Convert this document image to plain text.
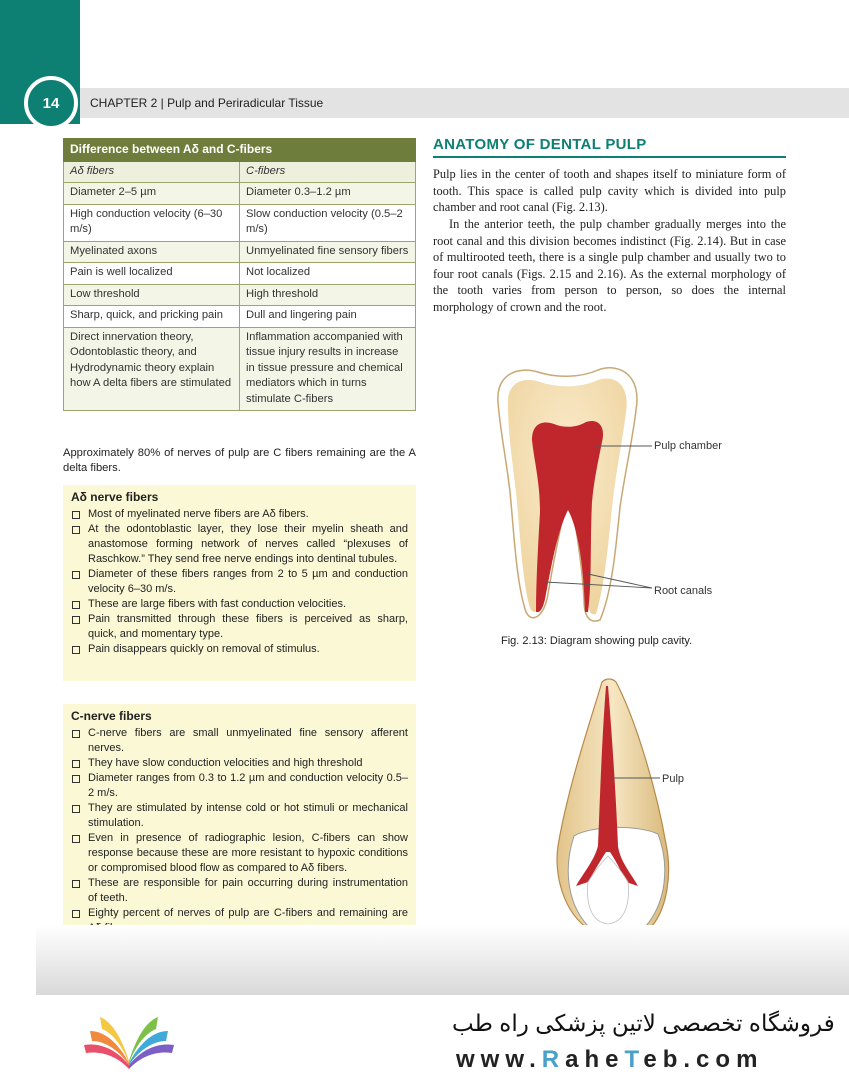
14	CHAPTER 2 | Pulp and Periradicular Tissue
Difference between Aδ and C-fibers	
Aδ fibers	C-fibers
Diameter 2–5 µm	Diameter 0.3–1.2 µm
High conduction velocity (6–30 m/s)	Slow conduction velocity (0.5–2 m/s)
Myelinated axons	Unmyelinated fine sensory fibers
Pain is well localized	Not localized
Low threshold	High threshold
Sharp, quick, and pricking pain	Dull and lingering pain
Direct innervation theory, Odontoblastic theory, and Hydrodynamic theory explain how A delta fibers are stimulated	Inflammation accompanied with tissue injury results in increase in tissue pressure and chemical mediators which in turns stimulate C-fibers
Approximately 80% of nerves of pulp are C fibers remaining are the A delta fibers.
Aδ nerve fibers
Most of myelinated nerve fibers are Aδ fibers.
At the odontoblastic layer, they lose their myelin sheath and anastomose forming network of nerves called “plexuses of Raschkow.” They send free nerve endings into dentinal tubules.
Diameter of these fibers ranges from 2 to 5 µm and conduction velocity 6–30 m/s.
These are large fibers with fast conduction velocities.
Pain transmitted through these fibers is perceived as sharp, quick, and momentary type.
Pain disappears quickly on removal of stimulus.
C-nerve fibers
C-nerve fibers are small unmyelinated fine sensory afferent nerves.
They have slow conduction velocities and high threshold
Diameter ranges from 0.3 to 1.2 µm and conduction velocity 0.5–2 m/s.
They are stimulated by intense cold or hot stimuli or mechanical stimulation.
Even in presence of radiographic lesion, C-fibers can show response because these are more resistant to hypoxic conditions or compromised blood flow as compared to Aδ fibers.
These are responsible for pain occurring during instrumentation of teeth.
Eighty percent of nerves of pulp are C-fibers and remaining are
ANATOMY OF DENTAL PULP
Pulp lies in the center of tooth and shapes itself to miniature form of tooth. This space is called pulp cavity which is divided into pulp chamber and root canal (Fig. 2.13).
In the anterior teeth, the pulp chamber gradually merges into the root canal and this division becomes indistinct (Fig. 2.14). But in case of multirooted teeth, there is a single pulp chamber and usually two to four root canals (Figs. 2.15 and 2.16). As the external morphology of the tooth varies from person to person, so does the internal morphology of crown and the root.
Pulp chamber
Root canals
Fig. 2.13: Diagram showing pulp cavity.
Pulp
فروشگاه تخصصی لاتین پزشکی راه طب
www.RaheTeb.com
